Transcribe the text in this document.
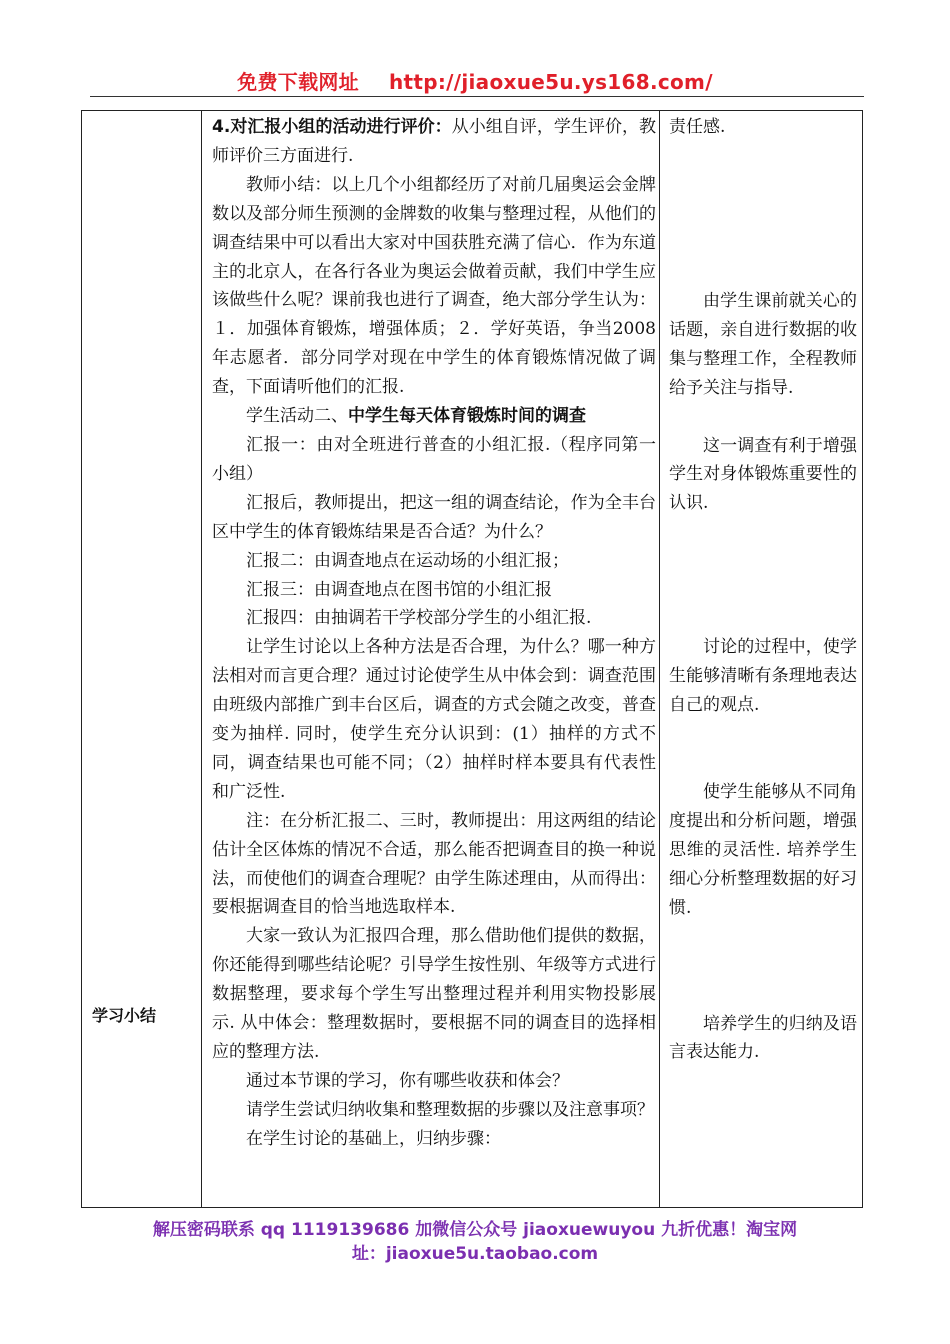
免费下载网址 http://jiaoxue5u.ys168.com/
学习小结

4.对汇报小组的活动进行评价：从小组自评，学生评价，教师评价三方面进行.

教师小结：以上几个小组都经历了对前几届奥运会金牌数以及部分师生预测的金牌数的收集与整理过程，从他们的调查结果中可以看出大家对中国获胜充满了信心．作为东道主的北京人，在各行各业为奥运会做着贡献，我们中学生应该做些什么呢？课前我也进行了调查，绝大部分学生认为：１．加强体育锻炼，增强体质；２．学好英语，争当2008年志愿者．部分同学对现在中学生的体育锻炼情况做了调查，下面请听他们的汇报.

学生活动二、中学生每天体育锻炼时间的调查

汇报一：由对全班进行普查的小组汇报.（程序同第一小组）

汇报后，教师提出，把这一组的调查结论，作为全丰台区中学生的体育锻炼结果是否合适？为什么？

汇报二：由调查地点在运动场的小组汇报；

汇报三：由调查地点在图书馆的小组汇报

汇报四：由抽调若干学校部分学生的小组汇报.

让学生讨论以上各种方法是否合理，为什么？哪一种方法相对而言更合理？通过讨论使学生从中体会到：调查范围由班级内部推广到丰台区后，调查的方式会随之改变，普查变为抽样. 同时，使学生充分认识到：(1）抽样的方式不同，调查结果也可能不同；（2）抽样时样本要具有代表性和广泛性.

注：在分析汇报二、三时，教师提出：用这两组的结论估计全区体炼的情况不合适，那么能否把调查目的换一种说法，而使他们的调查合理呢？由学生陈述理由，从而得出：要根据调查目的恰当地选取样本.

大家一致认为汇报四合理，那么借助他们提供的数据，你还能得到哪些结论呢？引导学生按性别、年级等方式进行数据整理，要求每个学生写出整理过程并利用实物投影展示. 从中体会：整理数据时，要根据不同的调查目的选择相应的整理方法.

通过本节课的学习，你有哪些收获和体会？

请学生尝试归纳收集和整理数据的步骤以及注意事项？

在学生讨论的基础上，归纳步骤：

责任感.

由学生课前就关心的话题，亲自进行数据的收集与整理工作，全程教师给予关注与指导.

这一调查有利于增强学生对身体锻炼重要性的认识.

讨论的过程中，使学生能够清晰有条理地表达自己的观点.

使学生能够从不同角度提出和分析问题，增强思维的灵活性. 培养学生细心分析整理数据的好习惯.

培养学生的归纳及语言表达能力.

解压密码联系 qq 1119139686 加微信公众号 jiaoxuewuyou 九折优惠！淘宝网
址：jiaoxue5u.taobao.com
